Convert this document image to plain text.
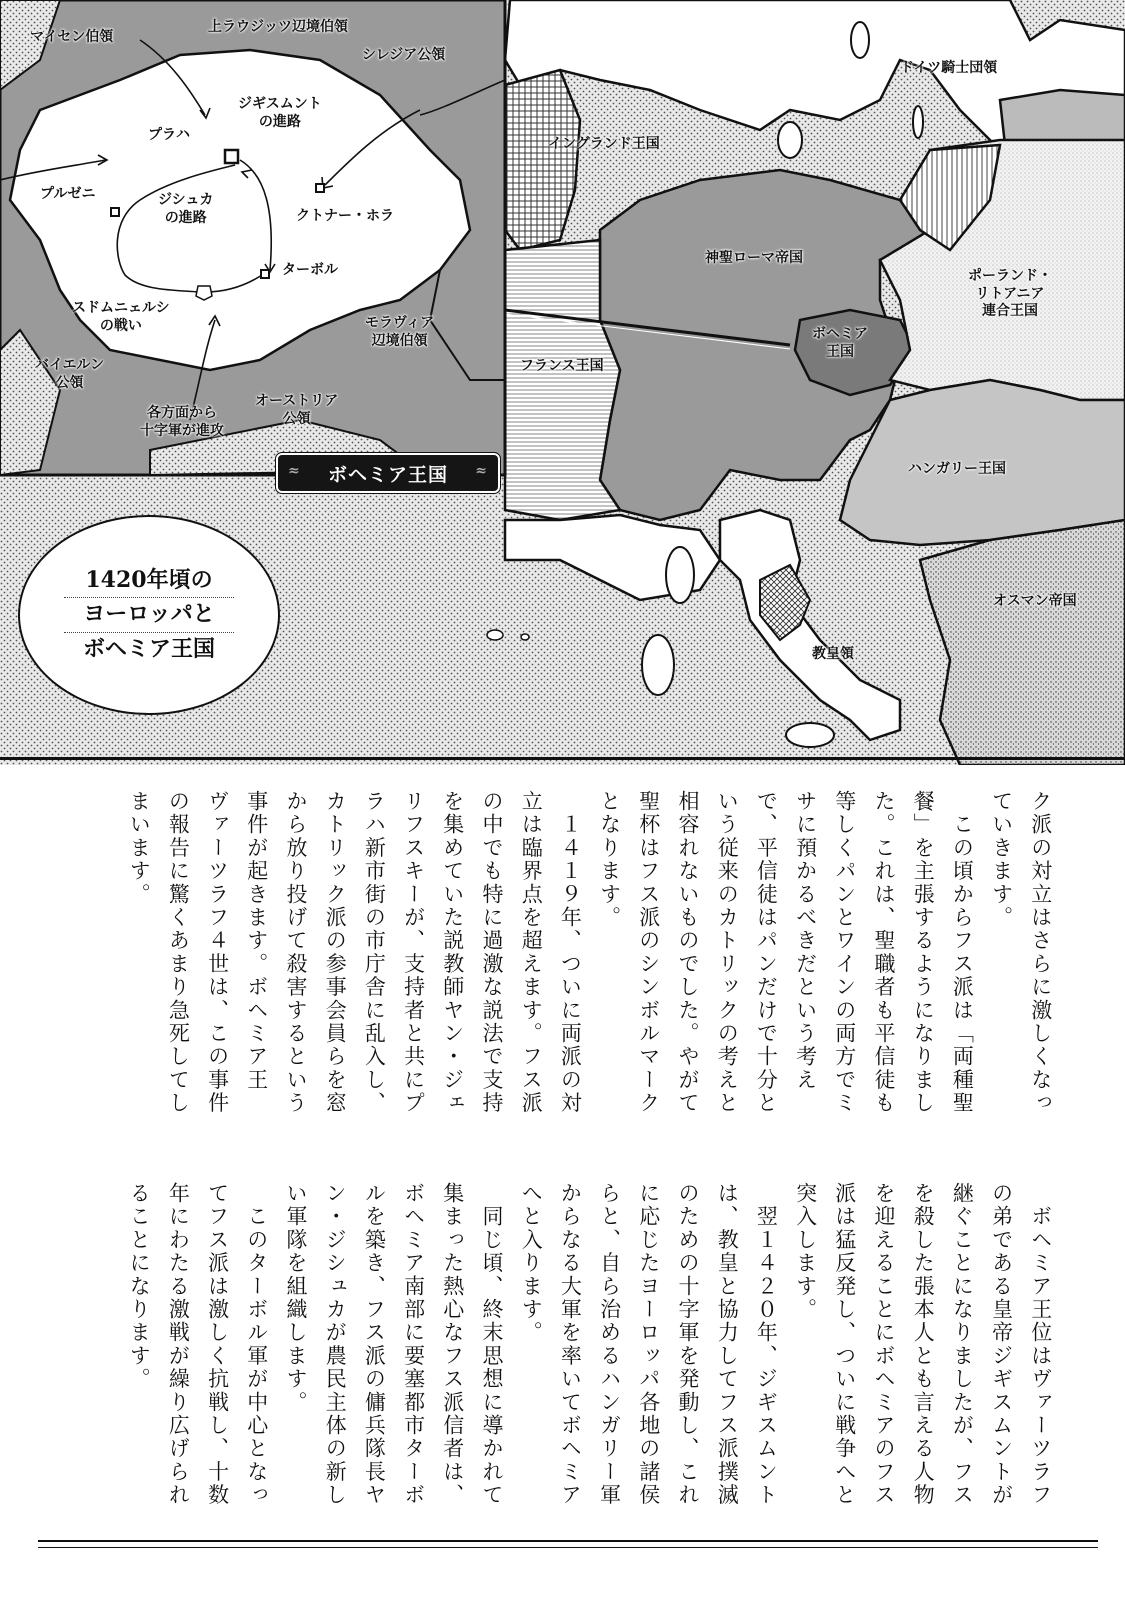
マイセン伯領
上ラウジッツ辺境伯領
シレジア公領
ジギスムント
の進路
プラハ
プルゼニ	ジシュカ
の進路	クトナー・ホラ
ターボル
スドムニェルシ
の戦い	モラヴィア
辺境伯領
バイエルン
公領
各方面から
十字軍が進攻
オーストリア
公領
ドイツ騎士団領
イングランド王国
神聖ローマ帝国
ポーランド・
リトアニア
連合王国
ボヘミア
王国
フランス王国
ハンガリー王国
オスマン帝国
教皇領
≈ ボヘミア王国 ≈
1420年頃の
ヨーロッパと
ボヘミア王国
ク派の対立はさらに激しくなっ
ていきます。
　この頃からフス派は「両種聖
餐」を主張するようになりまし
た。これは、聖職者も平信徒も
等しくパンとワインの両方でミ
サに預かるべきだという考え
で、平信徒はパンだけで十分と
いう従来のカトリックの考えと
相容れないものでした。やがて
聖杯はフス派のシンボルマーク
となります。
　１４１９年、ついに両派の対
立は臨界点を超えます。フス派
の中でも特に過激な説法で支持
を集めていた説教師ヤン・ジェ
リフスキーが、支持者と共にプ
ラハ新市街の市庁舎に乱入し、
カトリック派の参事会員らを窓
から放り投げて殺害するという
事件が起きます。ボヘミア王
ヴァーツラフ４世は、この事件
の報告に驚くあまり急死してし
まいます。
　ボヘミア王位はヴァーツラフ
の弟である皇帝ジギスムントが
継ぐことになりましたが、フス
を殺した張本人とも言える人物
を迎えることにボヘミアのフス
派は猛反発し、ついに戦争へと
突入します。
　翌１４２０年、ジギスムント
は、教皇と協力してフス派撲滅
のための十字軍を発動し、これ
に応じたヨーロッパ各地の諸侯
らと、自ら治めるハンガリー軍
からなる大軍を率いてボヘミア
へと入ります。
　同じ頃、終末思想に導かれて
集まった熱心なフス派信者は、
ボヘミア南部に要塞都市ターボ
ルを築き、フス派の傭兵隊長ヤ
ン・ジシュカが農民主体の新し
い軍隊を組織します。
　このターボル軍が中心となっ
てフス派は激しく抗戦し、十数
年にわたる激戦が繰り広げられ
ることになります。
